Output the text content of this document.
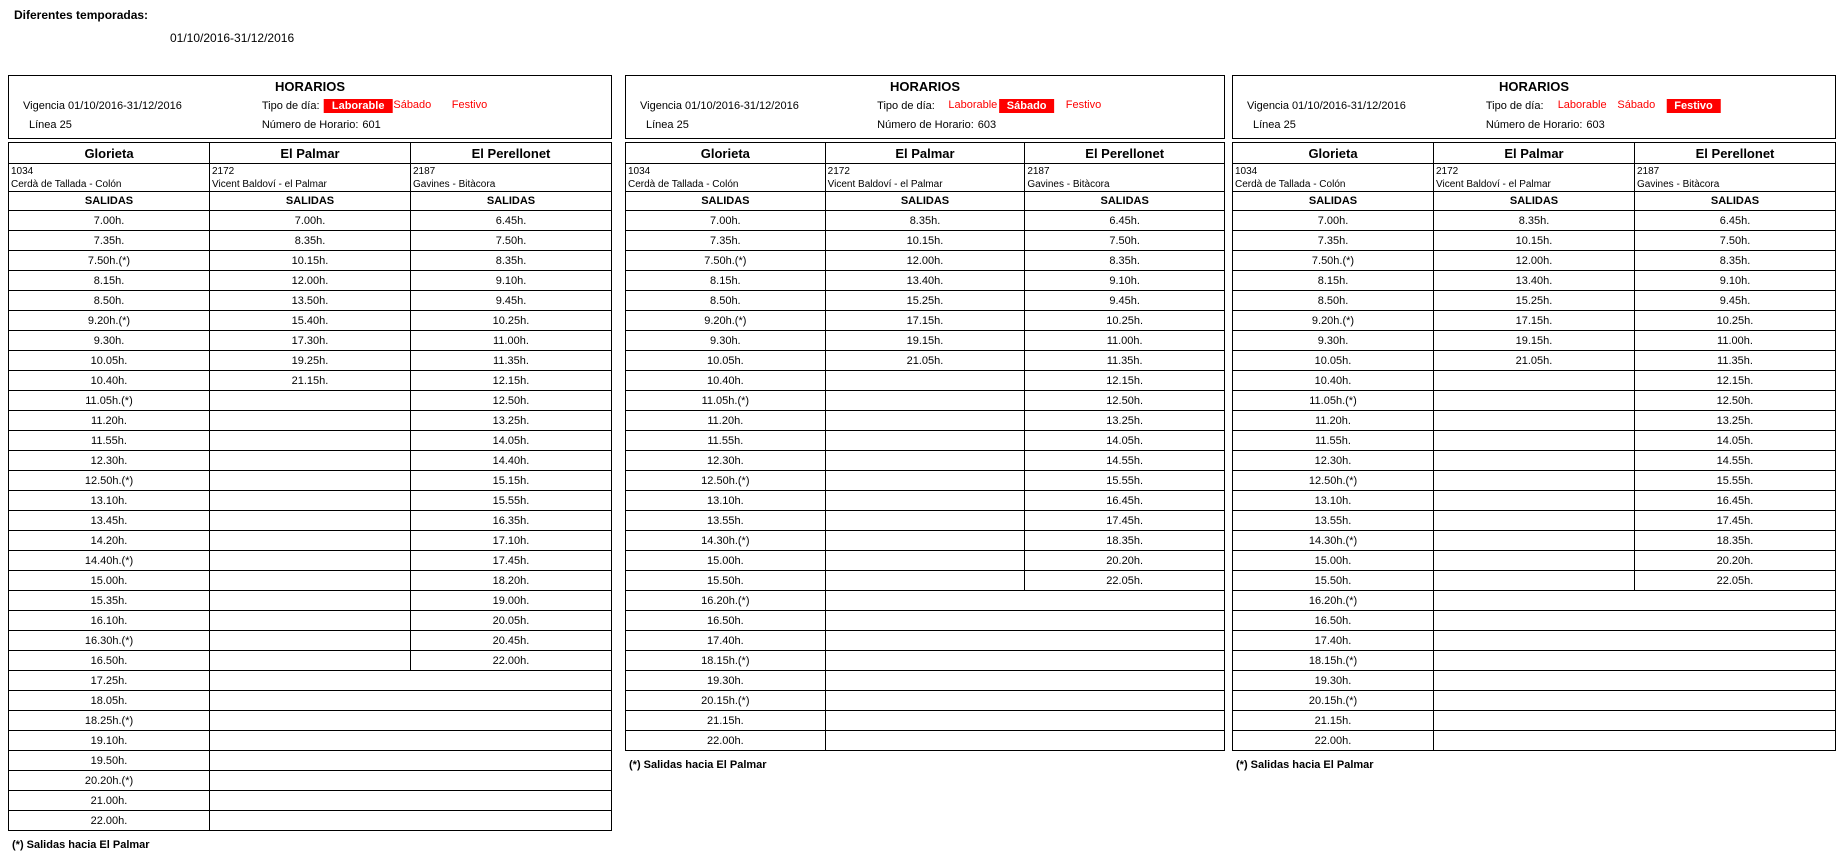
Diferentes temporadas:
01/10/2016-31/12/2016
HORARIOS
Vigencia 01/10/2016-31/12/2016	Tipo de día:	Laborable Sábado Festivo
Línea 25	Número de Horario: 601
Glorieta	El Palmar	El Perellonet

1034
Cerdà de Tallada - Colón

2172
Vicent Baldoví - el Palmar

2187
Gavines - Bitàcora

SALIDAS	SALIDAS	SALIDAS
7.00h.	7.00h.	6.45h.
7.35h.	8.35h.	7.50h.
7.50h.(*)	10.15h.	8.35h.
8.15h.	12.00h.	9.10h.
8.50h.	13.50h.	9.45h.
9.20h.(*)	15.40h.	10.25h.
9.30h.	17.30h.	11.00h.
10.05h.	19.25h.	11.35h.
10.40h.	21.15h.	12.15h.
11.05h.(*)		12.50h.
11.20h.		13.25h.
11.55h.		14.05h.
12.30h.		14.40h.
12.50h.(*)		15.15h.
13.10h.		15.55h.
13.45h.		16.35h.
14.20h.		17.10h.
14.40h.(*)		17.45h.
15.00h.		18.20h.
15.35h.		19.00h.
16.10h.		20.05h.
16.30h.(*)		20.45h.
16.50h.		22.00h.
17.25h.		
18.05h.		
18.25h.(*)		
19.10h.		
19.50h.		
20.20h.(*)		
21.00h.		
22.00h.		
(*) Salidas hacia El Palmar
HORARIOS
Vigencia 01/10/2016-31/12/2016	Tipo de día: Laborable Sábado	Festivo
Línea 25	Número de Horario: 603
Glorieta	El Palmar	El Perellonet

1034
Cerdà de Tallada - Colón

2172
Vicent Baldoví - el Palmar

2187
Gavines - Bitàcora

SALIDAS	SALIDAS	SALIDAS
7.00h.	8.35h.	6.45h.
7.35h.	10.15h.	7.50h.
7.50h.(*)	12.00h.	8.35h.
8.15h.	13.40h.	9.10h.
8.50h.	15.25h.	9.45h.
9.20h.(*)	17.15h.	10.25h.
9.30h.	19.15h.	11.00h.
10.05h.	21.05h.	11.35h.
10.40h.		12.15h.
11.05h.(*)		12.50h.
11.20h.		13.25h.
11.55h.		14.05h.
12.30h.		14.55h.
12.50h.(*)		15.55h.
13.10h.		16.45h.
13.55h.		17.45h.
14.30h.(*)		18.35h.
15.00h.		20.20h.
15.50h.		22.05h.
16.20h.(*)		
16.50h.		
17.40h.		
18.15h.(*)		
19.30h.		
20.15h.(*)		
21.15h.		
22.00h.		
(*) Salidas hacia El Palmar
HORARIOS
Vigencia 01/10/2016-31/12/2016	Tipo de día: Laborable Sábado	Festivo
Línea 25	Número de Horario: 603
Glorieta	El Palmar	El Perellonet

1034
Cerdà de Tallada - Colón

2172
Vicent Baldoví - el Palmar

2187
Gavines - Bitàcora

SALIDAS	SALIDAS	SALIDAS
7.00h.	8.35h.	6.45h.
7.35h.	10.15h.	7.50h.
7.50h.(*)	12.00h.	8.35h.
8.15h.	13.40h.	9.10h.
8.50h.	15.25h.	9.45h.
9.20h.(*)	17.15h.	10.25h.
9.30h.	19.15h.	11.00h.
10.05h.	21.05h.	11.35h.
10.40h.		12.15h.
11.05h.(*)		12.50h.
11.20h.		13.25h.
11.55h.		14.05h.
12.30h.		14.55h.
12.50h.(*)		15.55h.
13.10h.		16.45h.
13.55h.		17.45h.
14.30h.(*)		18.35h.
15.00h.		20.20h.
15.50h.		22.05h.
16.20h.(*)		
16.50h.		
17.40h.		
18.15h.(*)		
19.30h.		
20.15h.(*)		
21.15h.		
22.00h.		
(*) Salidas hacia El Palmar
